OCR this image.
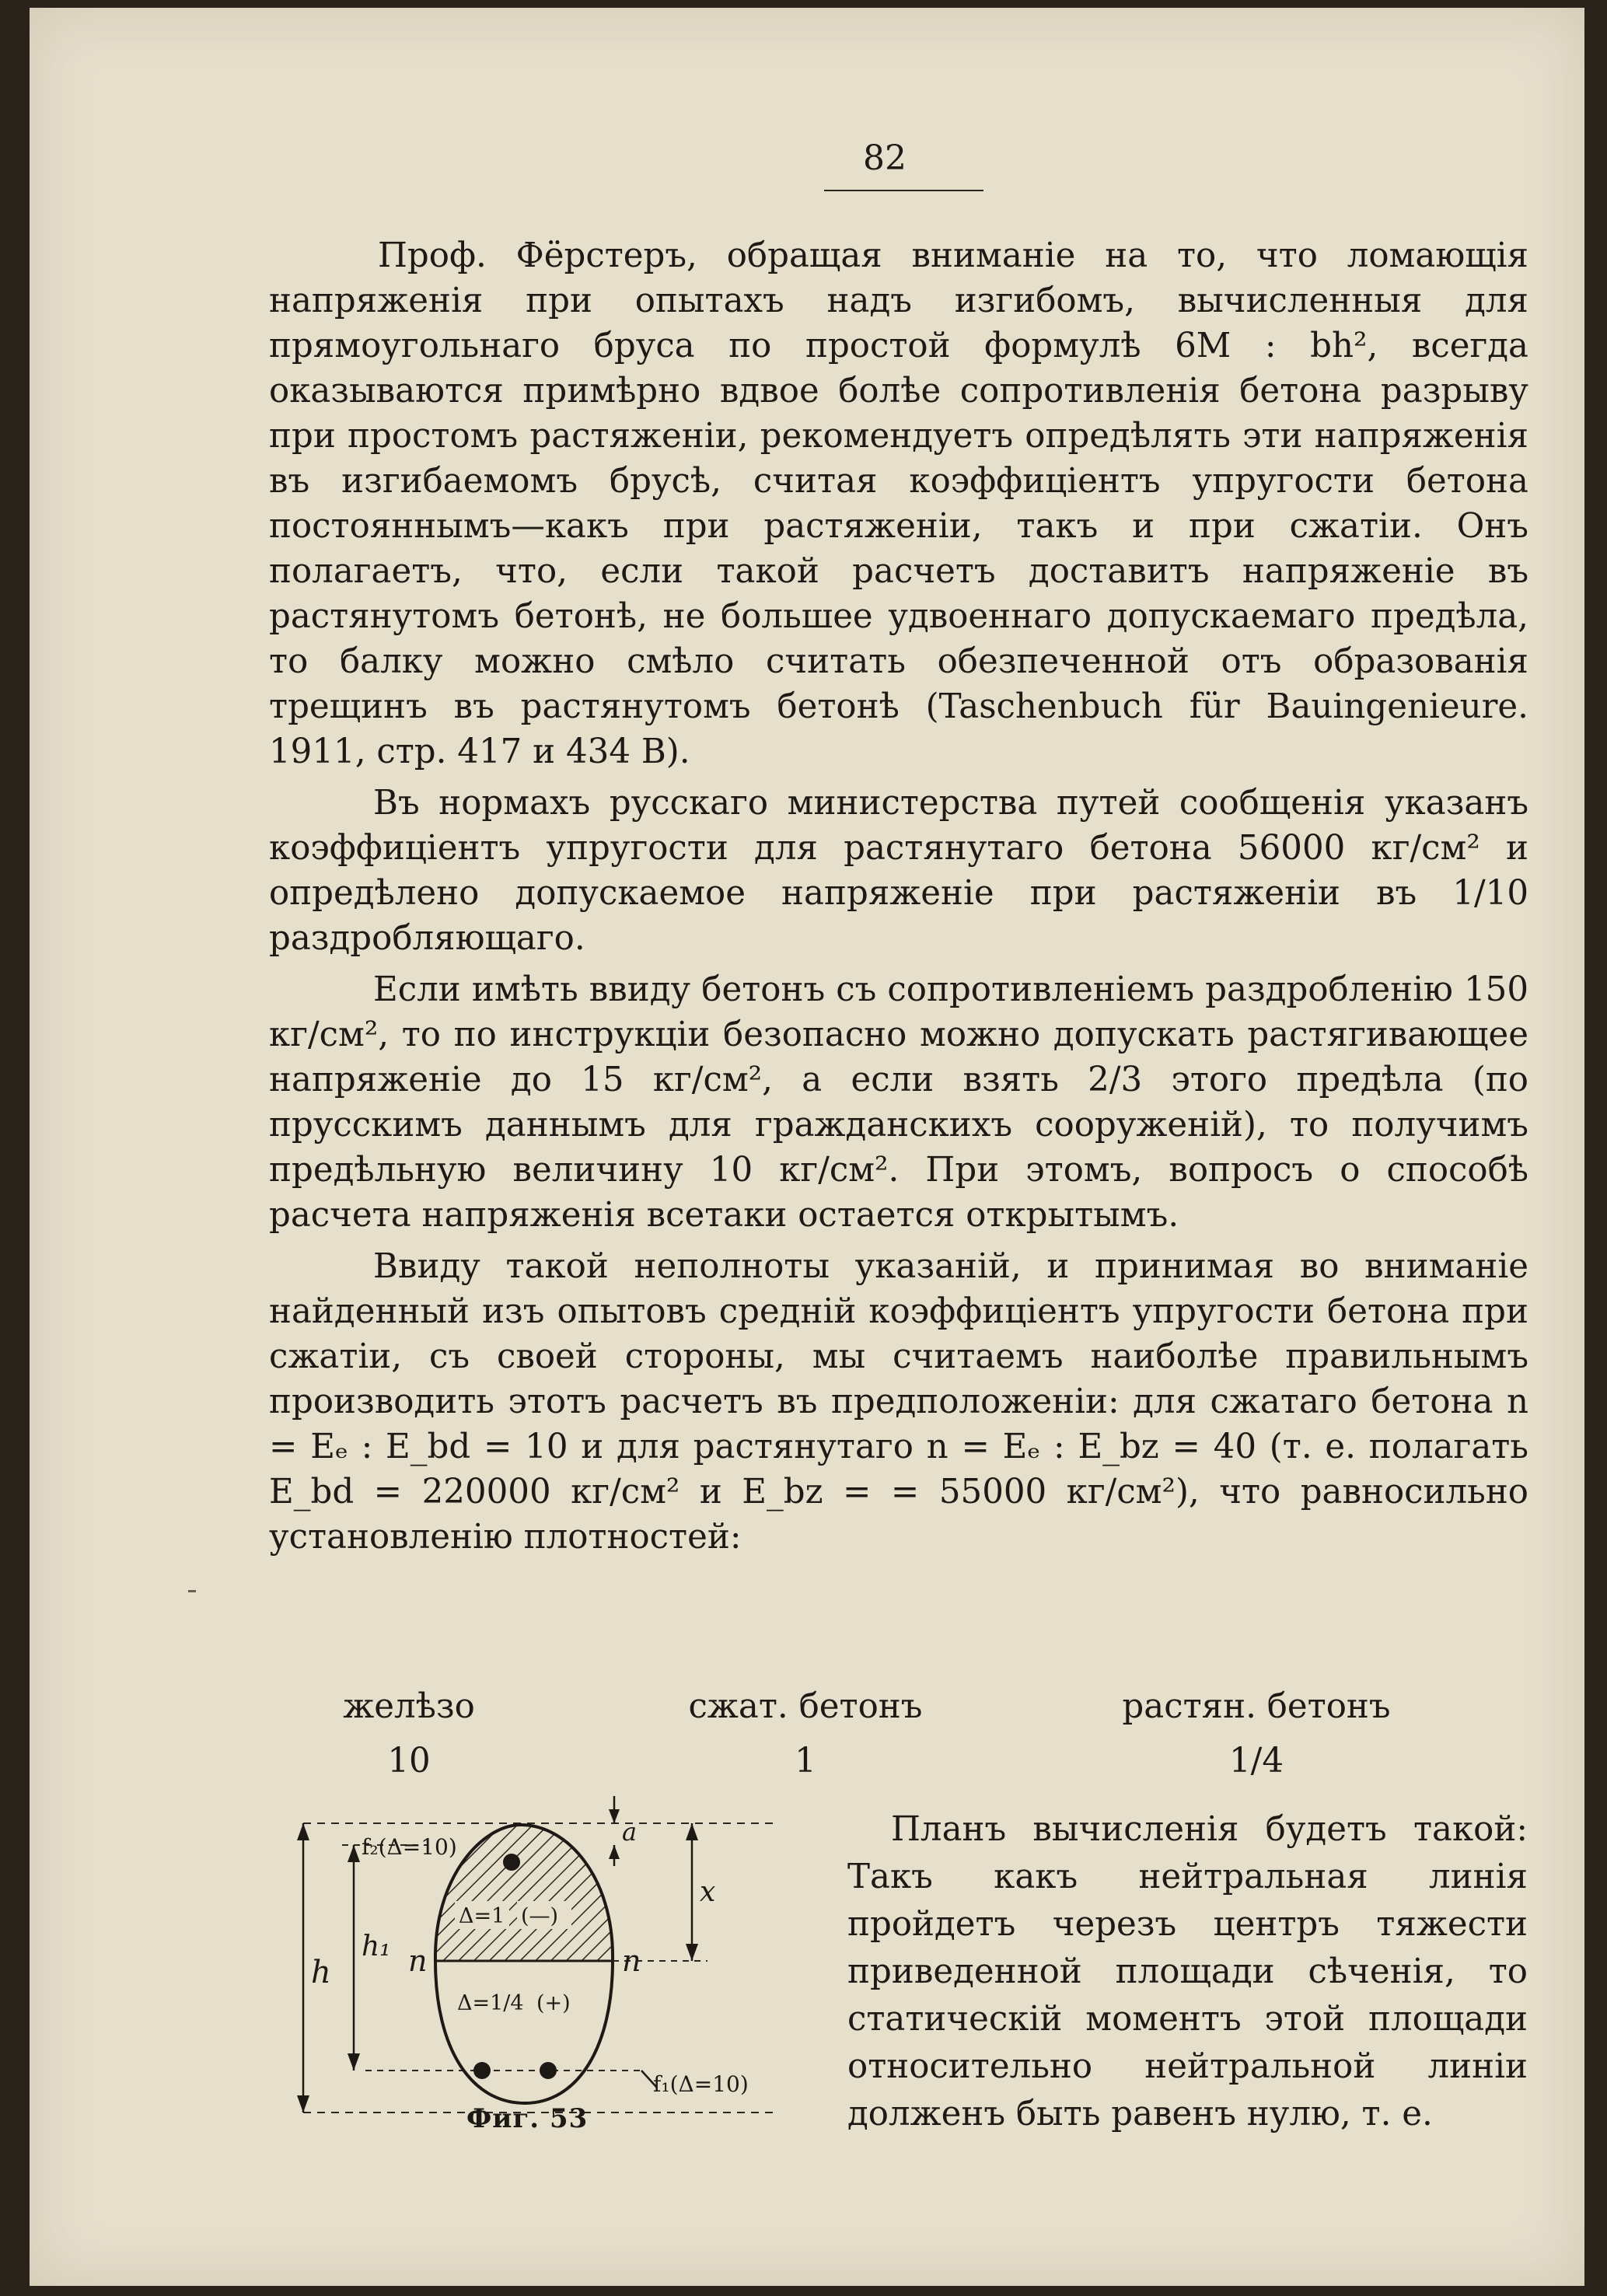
82

Проф. Фёрстеръ, обращая вниманіе на то, что ломающія напряженія при опытахъ надъ изгибомъ, вычисленныя для прямоугольнаго бруса по простой формулѣ 6M : bh², всегда оказываются примѣрно вдвое болѣе сопротивленія бетона разрыву при простомъ растяженіи, рекомендуетъ опредѣлять эти напряженія въ изгибаемомъ брусѣ, считая коэффиціентъ упругости бетона постояннымъ—какъ при растяженіи, такъ и при сжатіи. Онъ полагаетъ, что, если такой расчетъ доставитъ напряженіе въ растянутомъ бетонѣ, не большее удвоеннаго допускаемаго предѣла, то балку можно смѣло считать обезпеченной отъ образованія трещинъ въ растянутомъ бетонѣ (Taschenbuch für Bauingenieure. 1911, стр. 417 и 434 B).

Въ нормахъ русскаго министерства путей сообщенія указанъ коэффиціентъ упругости для растянутаго бетона 56000 кг/см² и опредѣлено допускаемое напряженіе при растяженіи въ 1/10 раздробляющаго.

Если имѣть ввиду бетонъ съ сопротивленіемъ раздробленію 150 кг/см², то по инструкціи безопасно можно допускать растягивающее напряженіе до 15 кг/см², а если взять 2/3 этого предѣла (по прусскимъ даннымъ для гражданскихъ сооруженій), то получимъ предѣльную величину 10 кг/см². При этомъ, вопросъ о способѣ расчета напряженія всетаки остается открытымъ.

Ввиду такой неполноты указаній, и принимая во вниманіе найденный изъ опытовъ среднiй коэффиціентъ упругости бетона при сжатіи, съ своей стороны, мы считаемъ наиболѣе правильнымъ производить этотъ расчетъ въ предположеніи: для сжатаго бетона n = Eₑ : E_bd = 10 и для растянутаго n = Eₑ : E_bz = 40 (т. е. полагать E_bd = 220000 кг/см² и E_bz = = 55000 кг/см²), что равносильно установленію плотностей:

желѣзо
10
сжат. бетонъ
1
растян. бетонъ
1/4
f₂(Δ=10)
Δ=1 (—)
Δ=1/4 (+)
f₁(Δ=10)
h
h₁ n	n
a
x
Фиг. 53

Планъ вычисленія будетъ такой: Такъ какъ нейтральная линія пройдетъ черезъ центръ тяжести приведенной площади сѣченія, то статическій моментъ этой площади относительно нейтральной линіи долженъ быть равенъ нулю, т. е.
